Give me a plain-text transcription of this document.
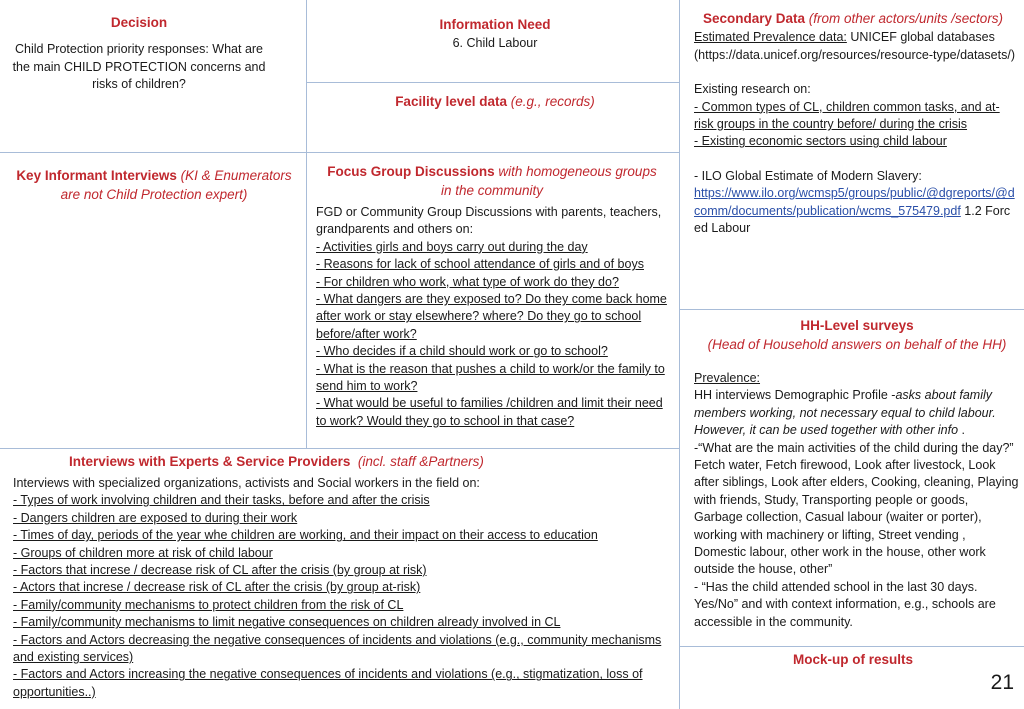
Decision
Child Protection priority responses: What are the main CHILD PROTECTION concerns and risks of children?
Information Need
6. Child Labour
Facility level data (e.g., records)
Secondary Data (from other actors/units /sectors)
Estimated Prevalence data: UNICEF global databases (https://data.unicef.org/resources/resource-type/datasets/)
Existing research on:
- Common types of CL, children common tasks, and at-risk groups in the country before/ during the crisis
- Existing economic sectors using child labour
- ILO Global Estimate of Modern Slavery:
https://www.ilo.org/wcmsp5/groups/public/@dgreports/@dcomm/documents/publication/wcms_575479.pdf 1.2 Forced Labour
Key Informant Interviews (KI & Enumerators are not Child Protection expert)
Focus Group Discussions with homogeneous groups in the community
FGD or Community Group Discussions with parents, teachers, grandparents and others on:
- Activities girls and boys carry out during the day
- Reasons for lack of school attendance of girls and of boys
- For children who work, what type of work do they do?
- What dangers are they exposed to? Do they come back home after work or stay elsewhere? where? Do they go to school before/after work?
- Who decides if a child should work or go to school?
- What is the reason that pushes a child to work/or the family to send him to work?
- What would be useful to families /children and limit their need to work? Would they go to school in that case?
HH-Level surveys
(Head of Household answers on behalf of the HH)
Prevalence:
HH interviews Demographic Profile -asks about family members working, not necessary equal to child labour. However, it can be used together with other info .
-“What are the main activities of the child during the day?”
Fetch water, Fetch firewood, Look after livestock, Look after siblings, Look after elders, Cooking, cleaning, Playing with friends, Study, Transporting people or goods, Garbage collection, Casual labour (waiter or porter), working with machinery or lifting, Street vending , Domestic labour, other work in the house, other work outside the house, other”
- “Has the child attended school in the last 30 days. Yes/No” and with context information, e.g., schools are accessible in the community.
Mock-up of results
Interviews with Experts & Service Providers (incl. staff &Partners)
Interviews with specialized organizations, activists and Social workers in the field on:
- Types of work involving children and their tasks, before and after the crisis
- Dangers children are exposed to during their work
- Times of day, periods of the year whe children are working, and their impact on their access to education
- Groups of children more at risk of child labour
- Factors that increse / decrease risk of CL after the crisis (by group at risk)
- Actors that increse / decrease risk of CL after the crisis (by group at-risk)
- Family/community mechanisms to protect children from the risk of CL
- Family/community mechanisms to limit negative consequences on children already involved in CL
- Factors and Actors decreasing the negative consequences of incidents and violations (e.g., community mechanisms and existing services)
- Factors and Actors increasing the negative consequences of incidents and violations (e.g., stigmatization, loss of opportunities..)	21
